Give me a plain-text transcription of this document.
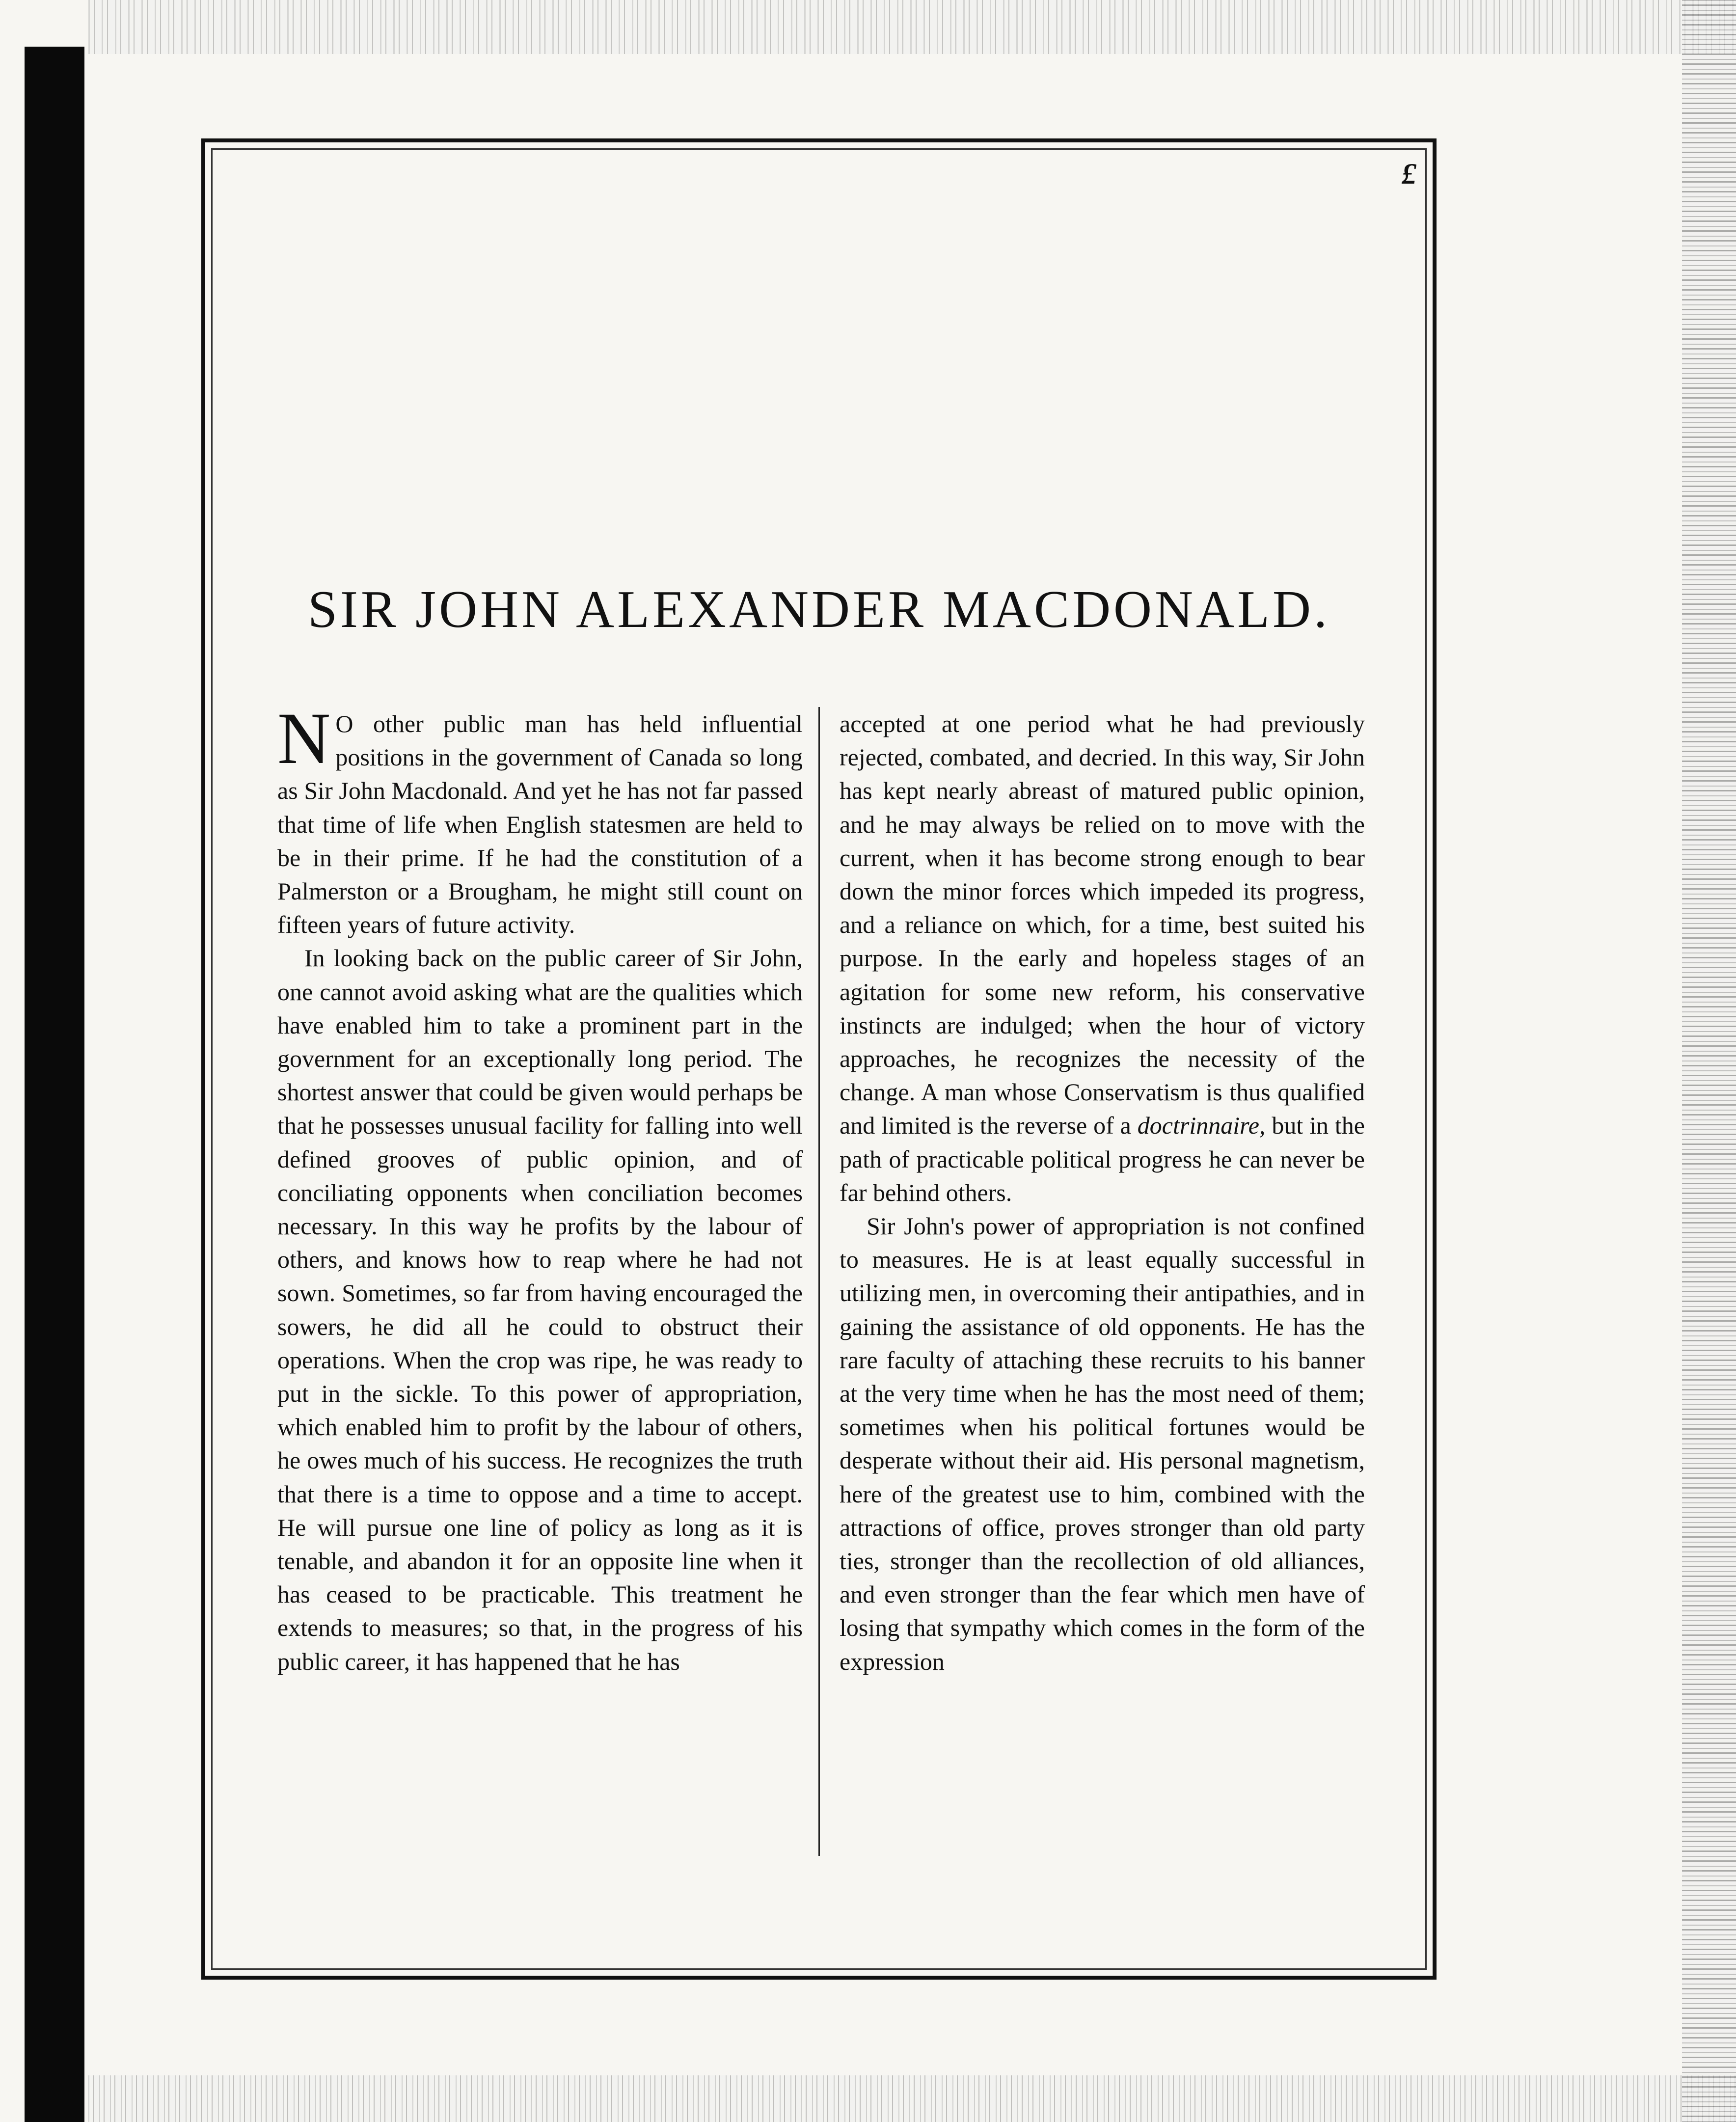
£
SIR JOHN ALEXANDER MACDONALD.

N O other public man has held influential positions in the government of Canada so long as Sir John Macdonald. And yet he has not far passed that time of life when English statesmen are held to be in their prime. If he had the constitution of a Palmerston or a Brougham, he might still count on fifteen years of future activity.

In looking back on the public career of Sir John, one cannot avoid asking what are the qualities which have enabled him to take a prominent part in the government for an exceptionally long period. The shortest answer that could be given would perhaps be that he possesses unusual facility for falling into well defined grooves of public opinion, and of conciliating opponents when conciliation becomes necessary. In this way he profits by the labour of others, and knows how to reap where he had not sown. Sometimes, so far from having encouraged the sowers, he did all he could to obstruct their operations. When the crop was ripe, he was ready to put in the sickle. To this power of appropriation, which enabled him to profit by the labour of others, he owes much of his success. He recognizes the truth that there is a time to oppose and a time to accept. He will pursue one line of policy as long as it is tenable, and abandon it for an opposite line when it has ceased to be practicable. This treatment he extends to measures; so that, in the progress of his public career, it has happened that he has

accepted at one period what he had previously rejected, combated, and decried. In this way, Sir John has kept nearly abreast of matured public opinion, and he may always be relied on to move with the current, when it has become strong enough to bear down the minor forces which impeded its progress, and a reliance on which, for a time, best suited his purpose. In the early and hopeless stages of an agitation for some new reform, his conservative instincts are indulged; when the hour of victory approaches, he recognizes the necessity of the change. A man whose Conservatism is thus qualified and limited is the reverse of a doctrinnaire, but in the path of practicable political progress he can never be far behind others.

Sir John's power of appropriation is not confined to measures. He is at least equally successful in utilizing men, in overcoming their antipathies, and in gaining the assistance of old opponents. He has the rare faculty of attaching these recruits to his banner at the very time when he has the most need of them; sometimes when his political fortunes would be desperate without their aid. His personal magnetism, here of the greatest use to him, combined with the attractions of office, proves stronger than old party ties, stronger than the recollection of old alliances, and even stronger than the fear which men have of losing that sympathy which comes in the form of the expression
